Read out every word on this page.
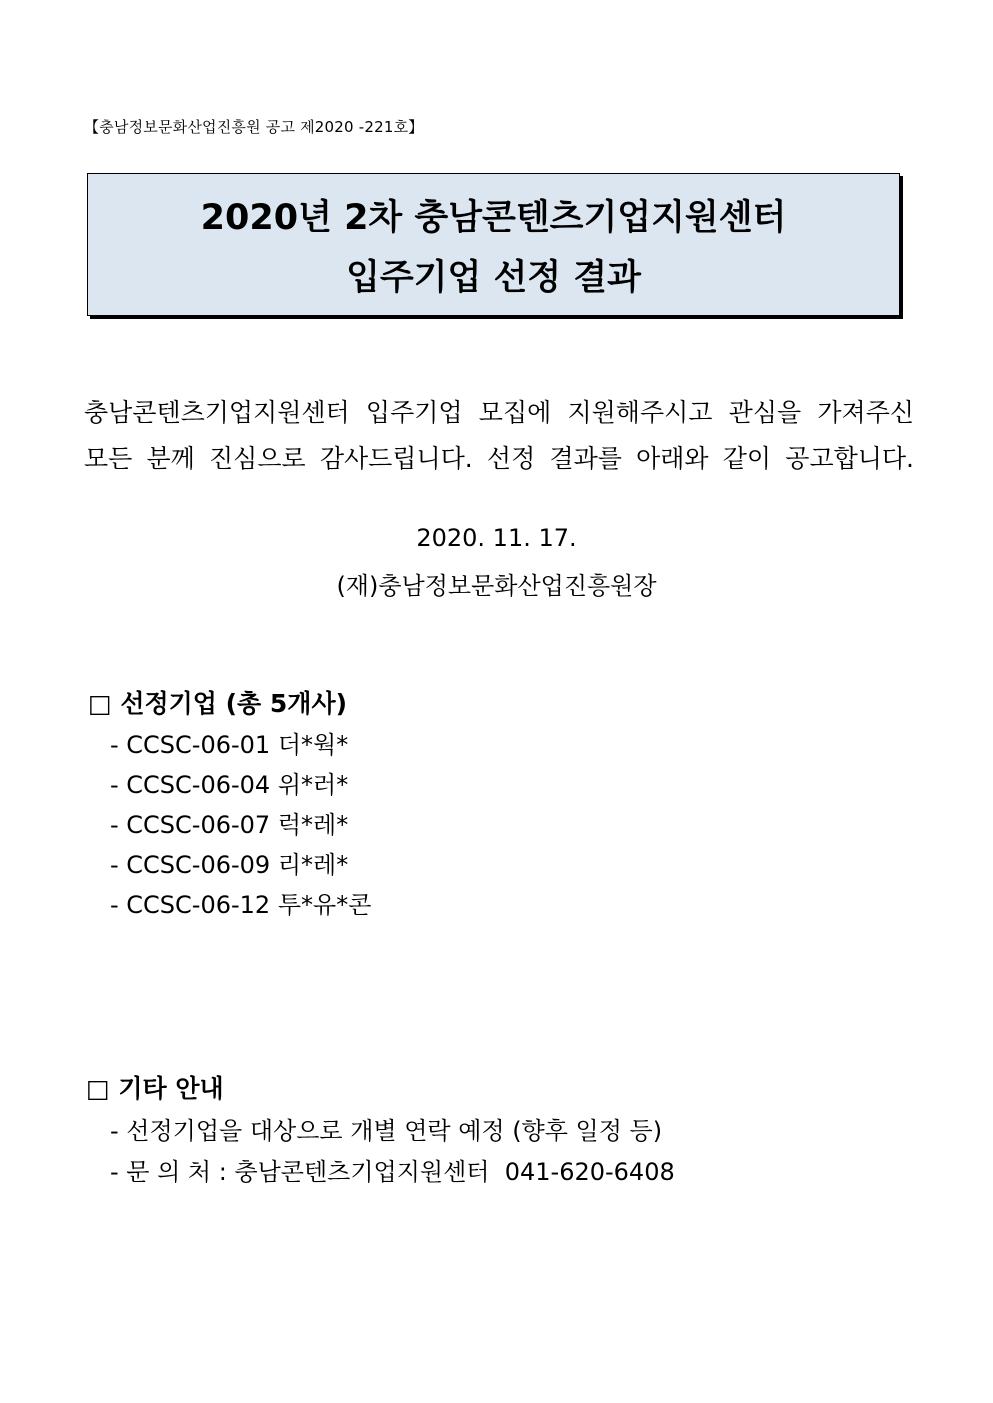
【충남정보문화산업진흥원 공고 제2020 -221호】
2020년 2차 충남콘텐츠기업지원센터
입주기업 선정 결과
충남콘텐츠기업지원센터 입주기업 모집에 지원해주시고 관심을 가져주신
모든 분께 진심으로 감사드립니다. 선정 결과를 아래와 같이 공고합니다.
2020. 11. 17.
(재)충남정보문화산업진흥원장
□ 선정기업 (총 5개사)
- CCSC-06-01 더*웍*
- CCSC-06-04 위*러*
- CCSC-06-07 럭*레*
- CCSC-06-09 리*레*
- CCSC-06-12 투*유*콘
□ 기타 안내
- 선정기업을 대상으로 개별 연락 예정 (향후 일정 등)
- 문 의 처 : 충남콘텐츠기업지원센터  041-620-6408
